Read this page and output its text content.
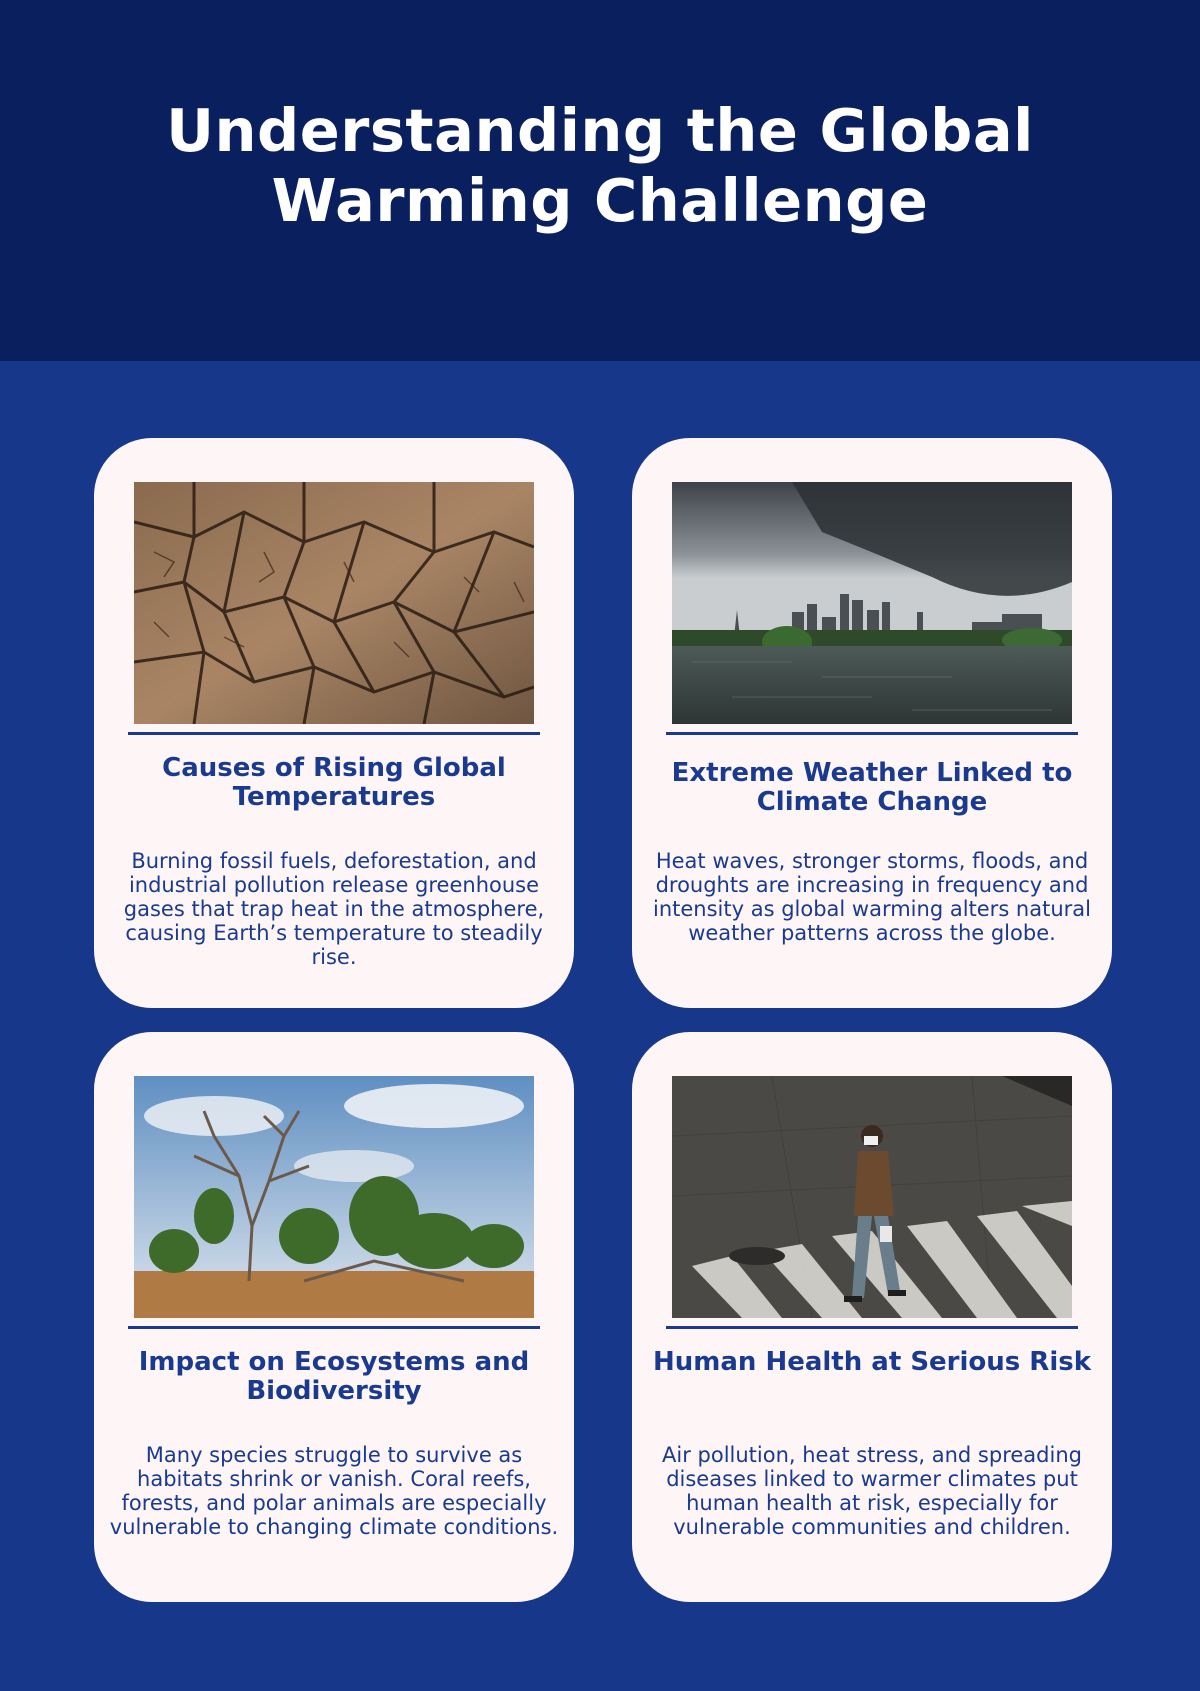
Understanding the Global Warming Challenge
Causes of Rising Global Temperatures

Burning fossil fuels, deforestation, and industrial pollution release greenhouse gases that trap heat in the atmosphere, causing Earth’s temperature to steadily rise.

Extreme Weather Linked to Climate Change

Heat waves, stronger storms, floods, and droughts are increasing in frequency and intensity as global warming alters natural weather patterns across the globe.

Impact on Ecosystems and Biodiversity

Many species struggle to survive as habitats shrink or vanish. Coral reefs, forests, and polar animals are especially vulnerable to changing climate conditions.

Human Health at Serious Risk

Air pollution, heat stress, and spreading diseases linked to warmer climates put human health at risk, especially for vulnerable communities and children.
